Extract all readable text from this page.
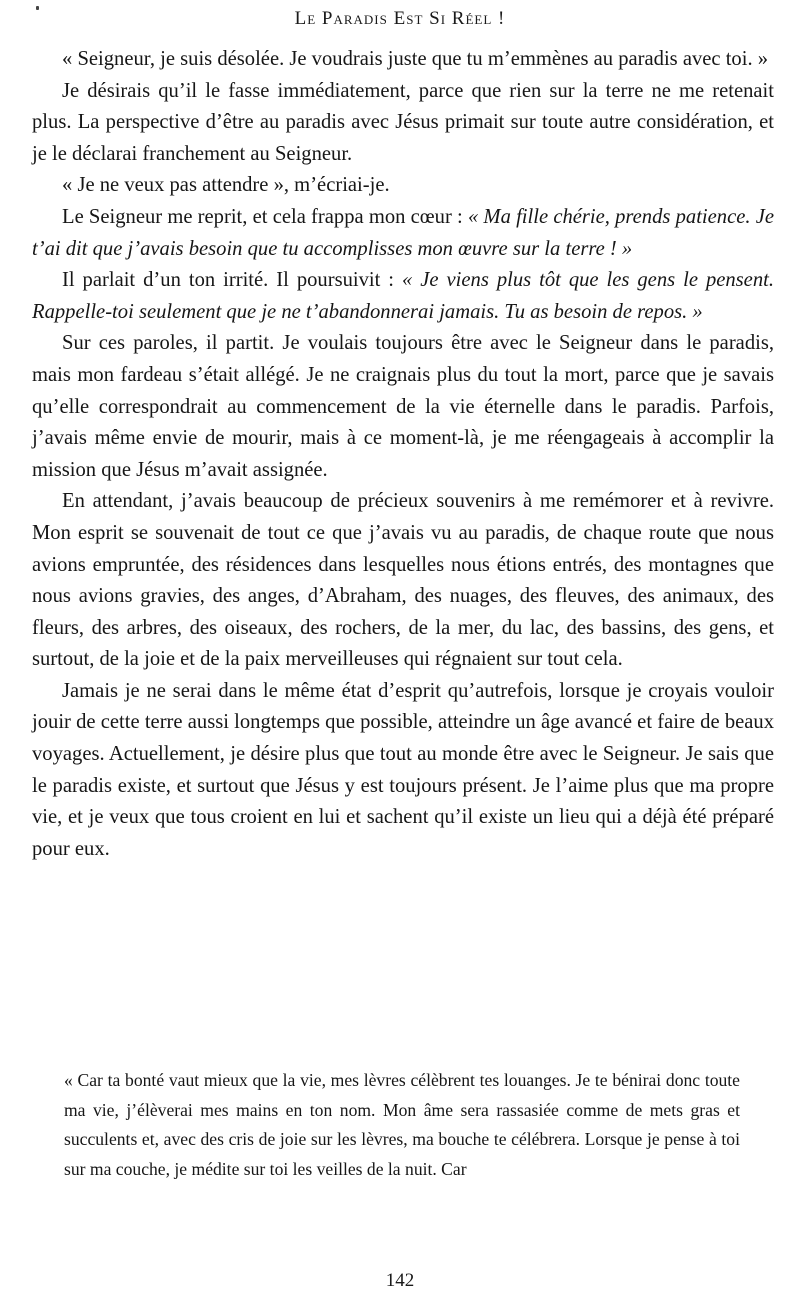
Le Paradis Est Si Réel !

« Seigneur, je suis désolée. Je voudrais juste que tu m’emmènes au paradis avec toi. »

Je désirais qu’il le fasse immédiatement, parce que rien sur la terre ne me retenait plus. La perspective d’être au paradis avec Jésus primait sur toute autre considération, et je le déclarai franchement au Seigneur.

« Je ne veux pas attendre », m’écriai-je.

Le Seigneur me reprit, et cela frappa mon cœur : « Ma fille chérie, prends patience. Je t’ai dit que j’avais besoin que tu accomplisses mon œuvre sur la terre ! »

Il parlait d’un ton irrité. Il poursuivit : « Je viens plus tôt que les gens le pensent. Rappelle-toi seulement que je ne t’abandonnerai jamais. Tu as besoin de repos. »

Sur ces paroles, il partit. Je voulais toujours être avec le Seigneur dans le paradis, mais mon fardeau s’était allégé. Je ne craignais plus du tout la mort, parce que je savais qu’elle correspondrait au commencement de la vie éternelle dans le paradis. Parfois, j’avais même envie de mourir, mais à ce moment-là, je me réengageais à accomplir la mission que Jésus m’avait assignée.

En attendant, j’avais beaucoup de précieux souvenirs à me remémorer et à revivre. Mon esprit se souvenait de tout ce que j’avais vu au paradis, de chaque route que nous avions empruntée, des résidences dans lesquelles nous étions entrés, des montagnes que nous avions gravies, des anges, d’Abraham, des nuages, des fleuves, des animaux, des fleurs, des arbres, des oiseaux, des rochers, de la mer, du lac, des bassins, des gens, et surtout, de la joie et de la paix merveilleuses qui régnaient sur tout cela.

Jamais je ne serai dans le même état d’esprit qu’autrefois, lorsque je croyais vouloir jouir de cette terre aussi longtemps que possible, atteindre un âge avancé et faire de beaux voyages. Actuellement, je désire plus que tout au monde être avec le Seigneur. Je sais que le paradis existe, et surtout que Jésus y est toujours présent. Je l’aime plus que ma propre vie, et je veux que tous croient en lui et sachent qu’il existe un lieu qui a déjà été préparé pour eux.

« Car ta bonté vaut mieux que la vie, mes lèvres célèbrent tes louanges. Je te bénirai donc toute ma vie, j’élèverai mes mains en ton nom. Mon âme sera rassasiée comme de mets gras et succulents et, avec des cris de joie sur les lèvres, ma bouche te célébrera. Lorsque je pense à toi sur ma couche, je médite sur toi les veilles de la nuit. Car

142
